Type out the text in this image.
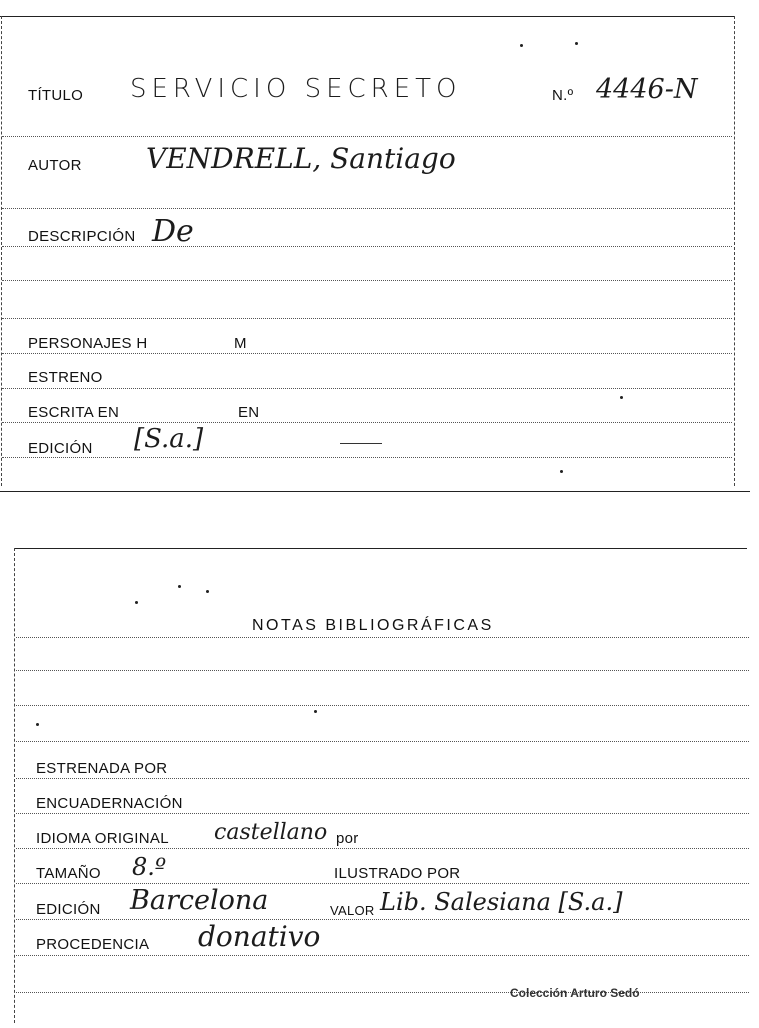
TÍTULO SERVICIO SECRETO	N.º 4446-N
AUTOR VENDRELL, Santiago
DESCRIPCIÓN De
PERSONAJES H	M
ESTRENO
ESCRITA EN	EN
EDICIÓN [S.a.]
NOTAS BIBLIOGRÁFICAS
ESTRENADA POR
ENCUADERNACIÓN
IDIOMA ORIGINAL castellano por
TAMAÑO 8.º	ILUSTRADO POR
EDICIÓN Barcelona	VALOR Lib. Salesiana [S.a.]
PROCEDENCIA donativo
Colección Arturo Sedó
